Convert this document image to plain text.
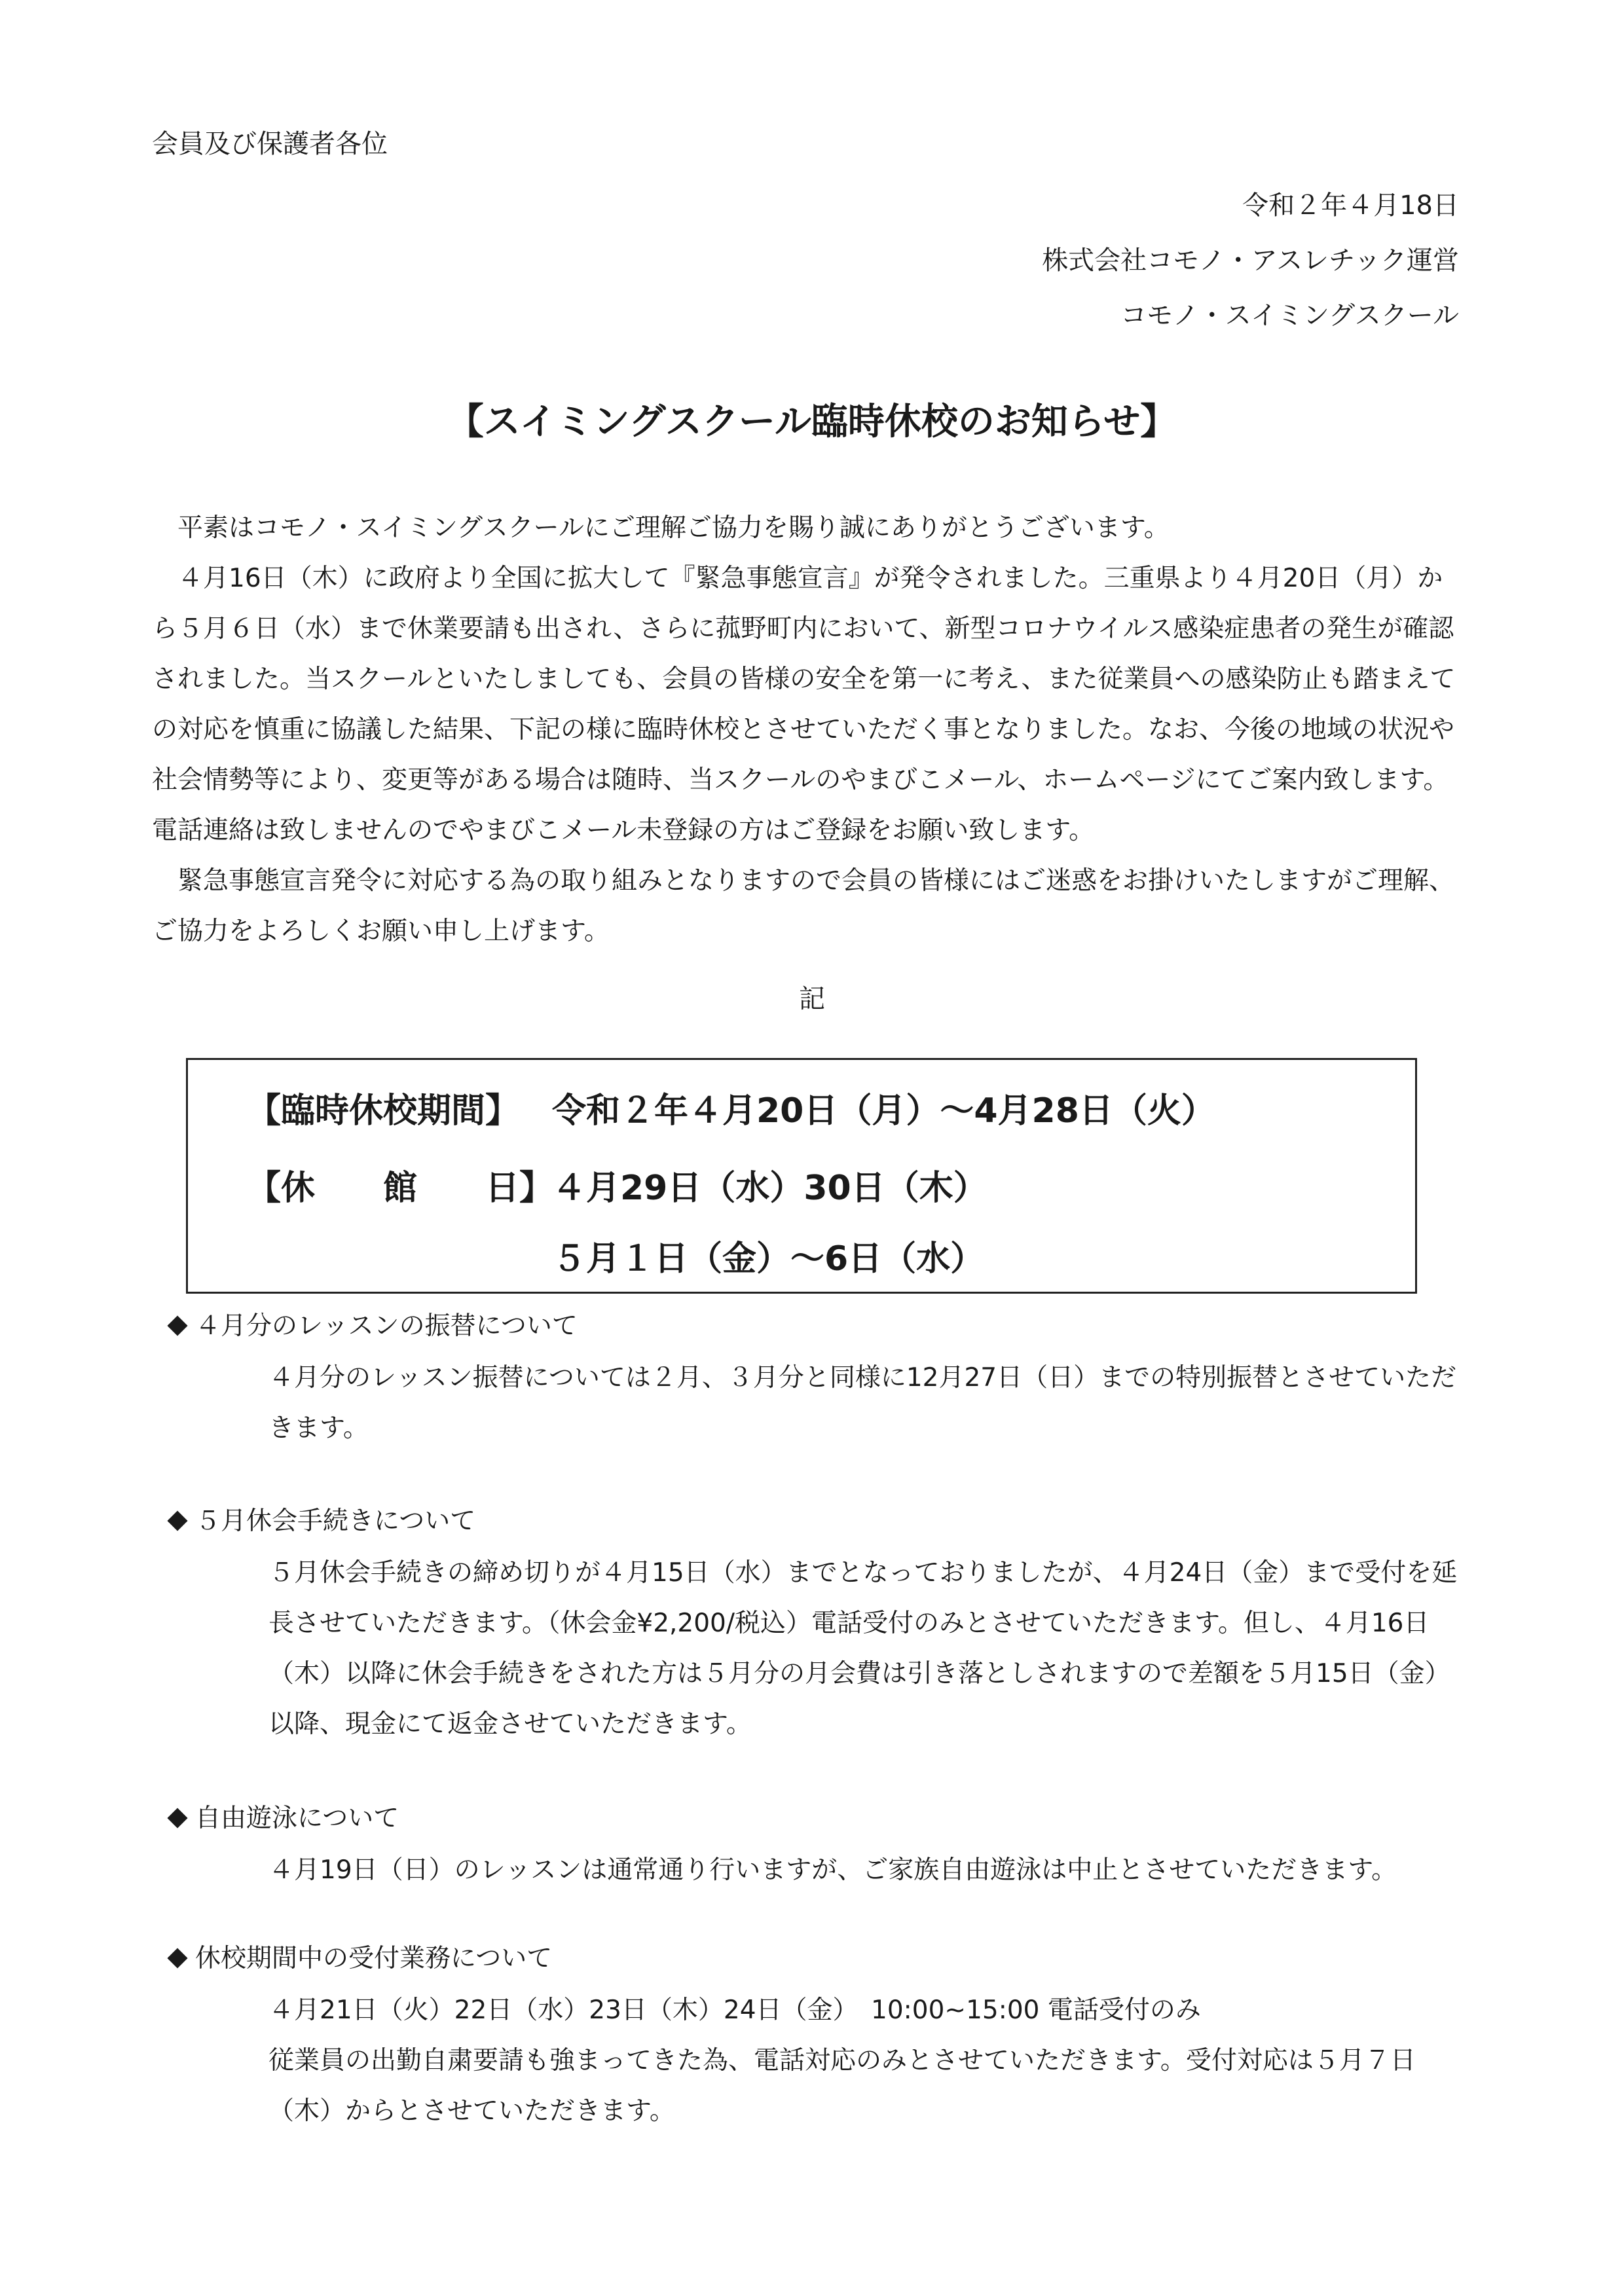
会員及び保護者各位
令和２年４月18日
株式会社コモノ・アスレチック運営
コモノ・スイミングスクール
【スイミングスクール臨時休校のお知らせ】

平素はコモノ・スイミングスクールにご理解ご協力を賜り誠にありがとうございます。

４月16日（木）に政府より全国に拡大して『緊急事態宣言』が発令されました。三重県より４月20日（月）から５月６日（水）まで休業要請も出され、さらに菰野町内において、新型コロナウイルス感染症患者の発生が確認されました。当スクールといたしましても、会員の皆様の安全を第一に考え、また従業員への感染防止も踏まえての対応を慎重に協議した結果、下記の様に臨時休校とさせていただく事となりました。なお、今後の地域の状況や社会情勢等により、変更等がある場合は随時、当スクールのやまびこメール、ホームページにてご案内致します。電話連絡は致しませんのでやまびこメール未登録の方はご登録をお願い致します。

緊急事態宣言発令に対応する為の取り組みとなりますので会員の皆様にはご迷惑をお掛けいたしますがご理解、ご協力をよろしくお願い申し上げます。

記
【臨時休校期間】 令和２年４月20日（月）～4月28日（火）
【休　　館　　日】
４月29日（水）30日（木）
５月１日（金）～6日（水）
４月分のレッスンの振替について

４月分のレッスン振替については２月、３月分と同様に12月27日（日）までの特別振替とさせていただきます。

５月休会手続きについて

５月休会手続きの締め切りが４月15日（水）までとなっておりましたが、４月24日（金）まで受付を延長させていただきます。（休会金¥2,200/税込）電話受付のみとさせていただきます。但し、４月16日（木）以降に休会手続きをされた方は５月分の月会費は引き落としされますので差額を５月15日（金）以降、現金にて返金させていただきます。

自由遊泳について

４月19日（日）のレッスンは通常通り行いますが、ご家族自由遊泳は中止とさせていただきます。

休校期間中の受付業務について

４月21日（火）22日（水）23日（木）24日（金）　10:00~15:00 電話受付のみ

従業員の出勤自粛要請も強まってきた為、電話対応のみとさせていただきます。受付対応は５月７日（木）からとさせていただきます。
